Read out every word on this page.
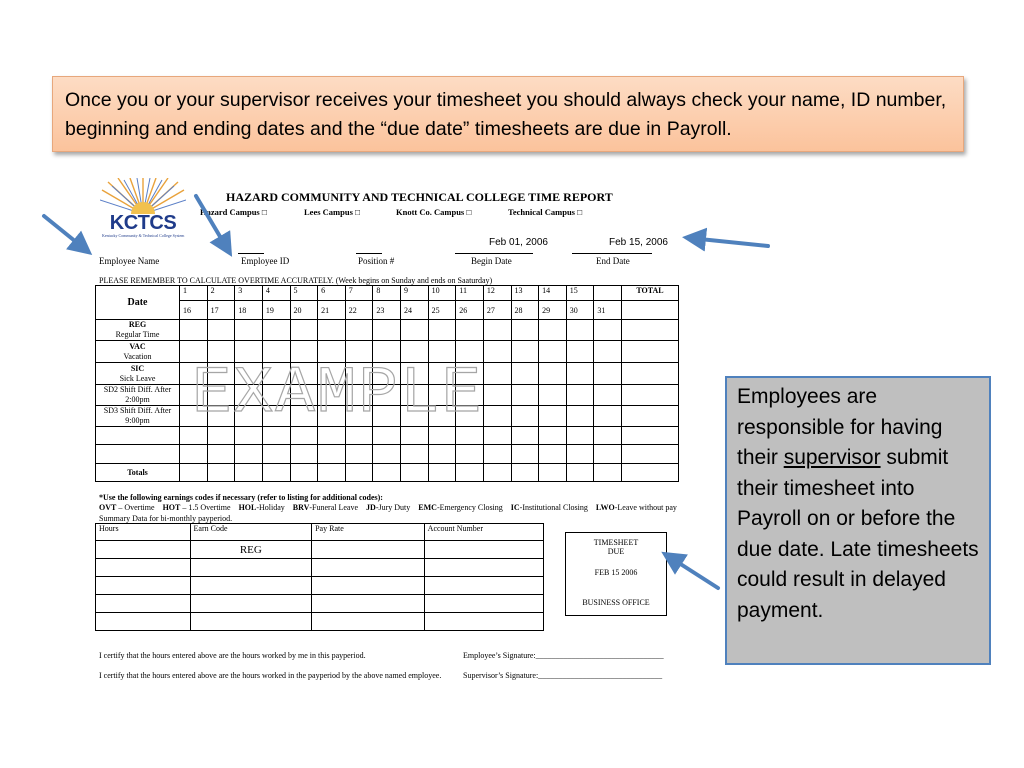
Once you or your supervisor receives your timesheet you should always check your name, ID number, beginning and ending dates and the “due date” timesheets are due in Payroll.
KCTCS
Kentucky Community & Technical College System
HAZARD COMMUNITY AND TECHNICAL COLLEGE TIME REPORT
Hazard Campus □	Lees Campus □	Knott Co. Campus □	Technical Campus □
Feb 01, 2006	Feb 15, 2006
Employee Name	Employee ID	Position #	Begin Date	End Date
PLEASE REMEMBER TO CALCULATE OVERTIME ACCURATELY. (Week begins on Sunday and ends on Saaturday)
Date	1	2	3	4	5	6	7	8	9	10	11	12	13	14	15		TOTAL
	16	17	18	19	20	21	22	23	24	25	26	27	28	29	30	31	

REG
Regular Time																	

VAC
Vacation																	

SIC
Sick Leave																	

SD2 Shift Diff. After 2:00pm																	

SD3 Shift Diff. After 9:00pm																	

Totals																	
EXAMPLE
*Use the following earnings codes if necessary (refer to listing for additional codes):
OVT – Overtime HOT – 1.5 Overtime HOL-Holiday BRV-Funeral Leave JD-Jury Duty EMC-Emergency Closing IC-Institutional Closing LWO-Leave without pay
Summary Data for bi-monthly payperiod.
Hours	Earn Code	Pay Rate	Account Number
	REG		

TIMESHEET
DUE
FEB 15 2006
BUSINESS OFFICE
I certify that the hours entered above are the hours worked by me in this payperiod.	Employee’s Signature:________________________________
I certify that the hours entered above are the hours worked in the payperiod by the above named employee.	Supervisor’s Signature:_______________________________
Employees are responsible for having their supervisor submit their timesheet into Payroll on or before the due date. Late timesheets could result in delayed payment.
